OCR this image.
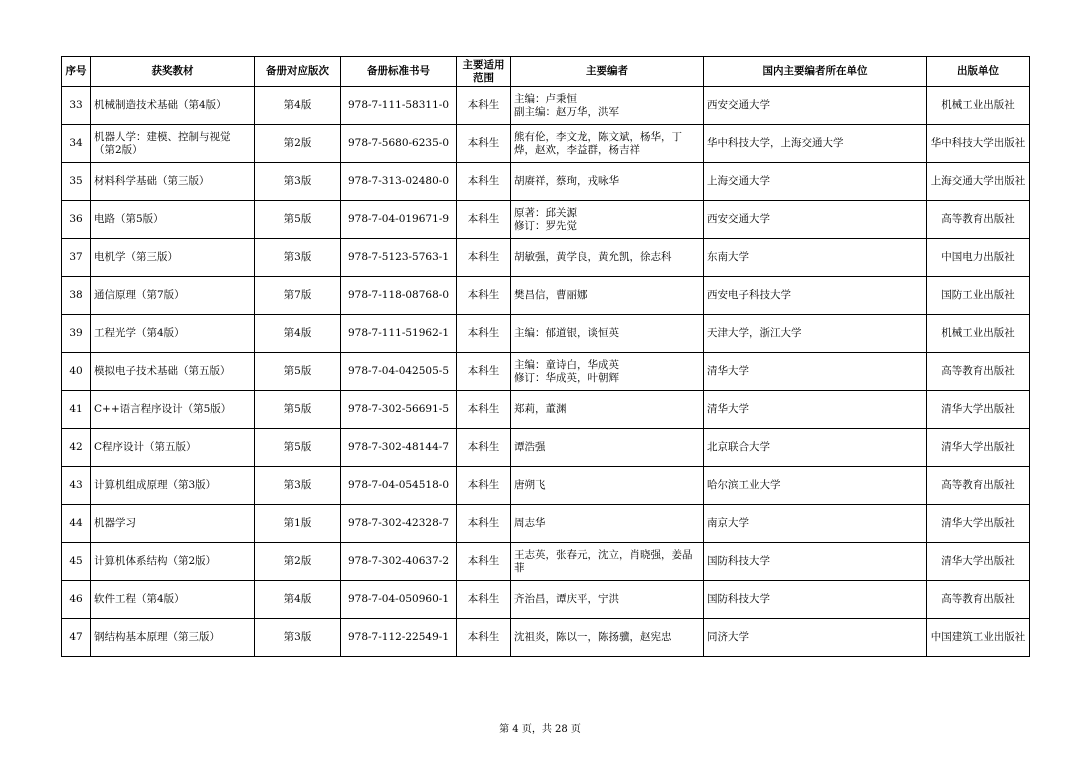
序号	获奖教材	备册对应版次	备册标准书号	主要适用范围	主要编者	国内主要编者所在单位	出版单位
33	机械制造技术基础（第4版）	第4版	978-7-111-58311-0	本科生	主编：卢秉恒
副主编：赵万华，洪军	西安交通大学	机械工业出版社
34	机器人学：建模、控制与视觉（第2版）	第2版	978-7-5680-6235-0	本科生	熊有伦，李文龙，陈文斌，杨华，丁烨，赵欢，李益群，杨吉祥	华中科技大学，上海交通大学	华中科技大学出版社
35	材料科学基础（第三版）	第3版	978-7-313-02480-0	本科生	胡赓祥，蔡珣，戎咏华	上海交通大学	上海交通大学出版社
36	电路（第5版）	第5版	978-7-04-019671-9	本科生	原著：邱关源
修订：罗先觉	西安交通大学	高等教育出版社
37	电机学（第三版）	第3版	978-7-5123-5763-1	本科生	胡敏强，黄学良，黄允凯，徐志科	东南大学	中国电力出版社
38	通信原理（第7版）	第7版	978-7-118-08768-0	本科生	樊昌信，曹丽娜	西安电子科技大学	国防工业出版社
39	工程光学（第4版）	第4版	978-7-111-51962-1	本科生	主编：郁道银，谈恒英	天津大学，浙江大学	机械工业出版社
40	模拟电子技术基础（第五版）	第5版	978-7-04-042505-5	本科生	主编：童诗白，华成英
修订：华成英，叶朝辉	清华大学	高等教育出版社
41	C++语言程序设计（第5版）	第5版	978-7-302-56691-5	本科生	郑莉，董渊	清华大学	清华大学出版社
42	C程序设计（第五版）	第5版	978-7-302-48144-7	本科生	谭浩强	北京联合大学	清华大学出版社
43	计算机组成原理（第3版）	第3版	978-7-04-054518-0	本科生	唐朔飞	哈尔滨工业大学	高等教育出版社
44	机器学习	第1版	978-7-302-42328-7	本科生	周志华	南京大学	清华大学出版社
45	计算机体系结构（第2版）	第2版	978-7-302-40637-2	本科生	王志英，张春元，沈立，肖晓强，姜晶菲	国防科技大学	清华大学出版社
46	软件工程（第4版）	第4版	978-7-04-050960-1	本科生	齐治昌，谭庆平，宁洪	国防科技大学	高等教育出版社
47	钢结构基本原理（第三版）	第3版	978-7-112-22549-1	本科生	沈祖炎，陈以一，陈扬骥，赵宪忠	同济大学	中国建筑工业出版社
第 4 页，共 28 页
